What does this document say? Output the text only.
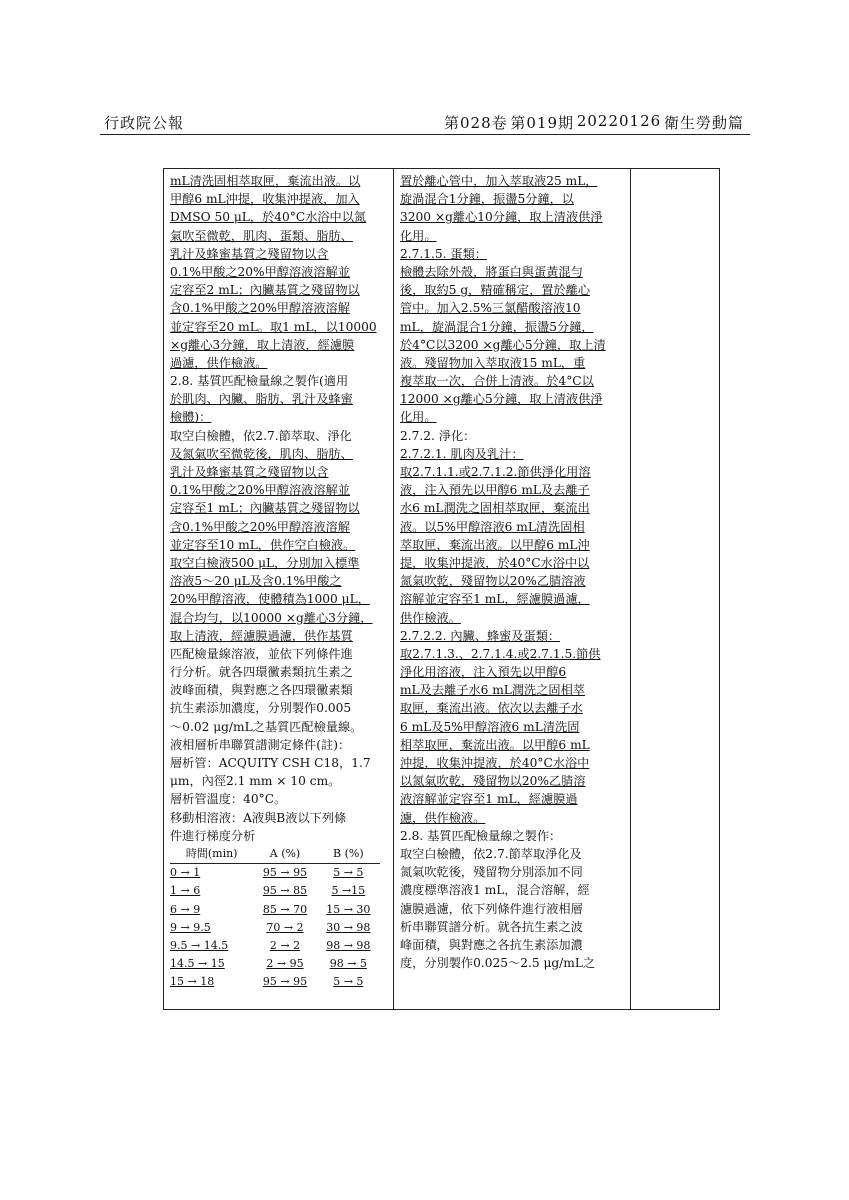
行政院公報	第028卷 第019期 20220126 衛生勞動篇
mL清洗固相萃取匣，棄流出液。以
甲醇6 mL沖提，收集沖提液，加入
DMSO 50 μL，於40°C水浴中以氮
氣吹至微乾，肌肉、蛋類、脂肪、
乳汁及蜂蜜基質之殘留物以含
0.1%甲酸之20%甲醇溶液溶解並
定容至2 mL；內臟基質之殘留物以
含0.1%甲酸之20%甲醇溶液溶解
並定容至20 mL。取1 mL，以10000
×g離心3分鐘，取上清液，經濾膜
過濾，供作檢液。
2.8. 基質匹配檢量線之製作(適用
於肌肉、內臟、脂肪、乳汁及蜂蜜
檢體)：
取空白檢體，依2.7.節萃取、淨化
及氮氣吹至微乾後，肌肉、脂肪、
乳汁及蜂蜜基質之殘留物以含
0.1%甲酸之20%甲醇溶液溶解並
定容至1 mL；內臟基質之殘留物以
含0.1%甲酸之20%甲醇溶液溶解
並定容至10 mL，供作空白檢液。
取空白檢液500 μL，分別加入標準
溶液5～20 μL及含0.1%甲酸之
20%甲醇溶液，使體積為1000 μL，
混合均勻，以10000 ×g離心3分鐘，
取上清液，經濾膜過濾，供作基質
匹配檢量線溶液，並依下列條件進
行分析。就各四環黴素類抗生素之
波峰面積，與對應之各四環黴素類
抗生素添加濃度，分別製作0.005
～0.02 μg/mL之基質匹配檢量線。
液相層析串聯質譜測定條件(註)：
層析管：ACQUITY CSH C18，1.7
μm，內徑2.1 mm × 10 cm。
層析管溫度：40°C。
移動相溶液：A液與B液以下列條
件進行梯度分析
時間(min)	A (%)	B (%)
0 → 1	95 → 95	5 → 5
1 → 6	95 → 85	5 →15
6 → 9	85 → 70	15 → 30
9 → 9.5	70 → 2	30 → 98
9.5 → 14.5	2 → 2	98 → 98
14.5 → 15	2 → 95	98 → 5
15 → 18	95 → 95	5 → 5
置於離心管中，加入萃取液25 mL，
旋渦混合1分鐘，振盪5分鐘，以
3200 ×g離心10分鐘，取上清液供淨
化用。
2.7.1.5. 蛋類：
檢體去除外殼，將蛋白與蛋黃混勻
後，取約5 g，精確稱定，置於離心
管中。加入2.5%三氯醋酸溶液10
mL，旋渦混合1分鐘，振盪5分鐘，
於4°C以3200 ×g離心5分鐘，取上清
液。殘留物加入萃取液15 mL，重
複萃取一次，合併上清液。於4°C以
12000 ×g離心5分鐘，取上清液供淨
化用。
2.7.2. 淨化：
2.7.2.1. 肌肉及乳汁：
取2.7.1.1.或2.7.1.2.節供淨化用溶
液，注入預先以甲醇6 mL及去離子
水6 mL潤洗之固相萃取匣，棄流出
液。以5%甲醇溶液6 mL清洗固相
萃取匣，棄流出液。以甲醇6 mL沖
提，收集沖提液，於40°C水浴中以
氮氣吹乾，殘留物以20%乙腈溶液
溶解並定容至1 mL，經濾膜過濾，
供作檢液。
2.7.2.2. 內臟、蜂蜜及蛋類：
取2.7.1.3.、2.7.1.4.或2.7.1.5.節供
淨化用溶液，注入預先以甲醇6
mL及去離子水6 mL潤洗之固相萃
取匣，棄流出液。依次以去離子水
6 mL及5%甲醇溶液6 mL清洗固
相萃取匣，棄流出液。以甲醇6 mL
沖提，收集沖提液，於40°C水浴中
以氮氣吹乾，殘留物以20%乙腈溶
液溶解並定容至1 mL，經濾膜過
濾，供作檢液。
2.8. 基質匹配檢量線之製作：
取空白檢體，依2.7.節萃取淨化及
氮氣吹乾後，殘留物分別添加不同
濃度標準溶液1 mL，混合溶解，經
濾膜過濾，依下列條件進行液相層
析串聯質譜分析。就各抗生素之波
峰面積，與對應之各抗生素添加濃
度，分別製作0.025～2.5 μg/mL之
